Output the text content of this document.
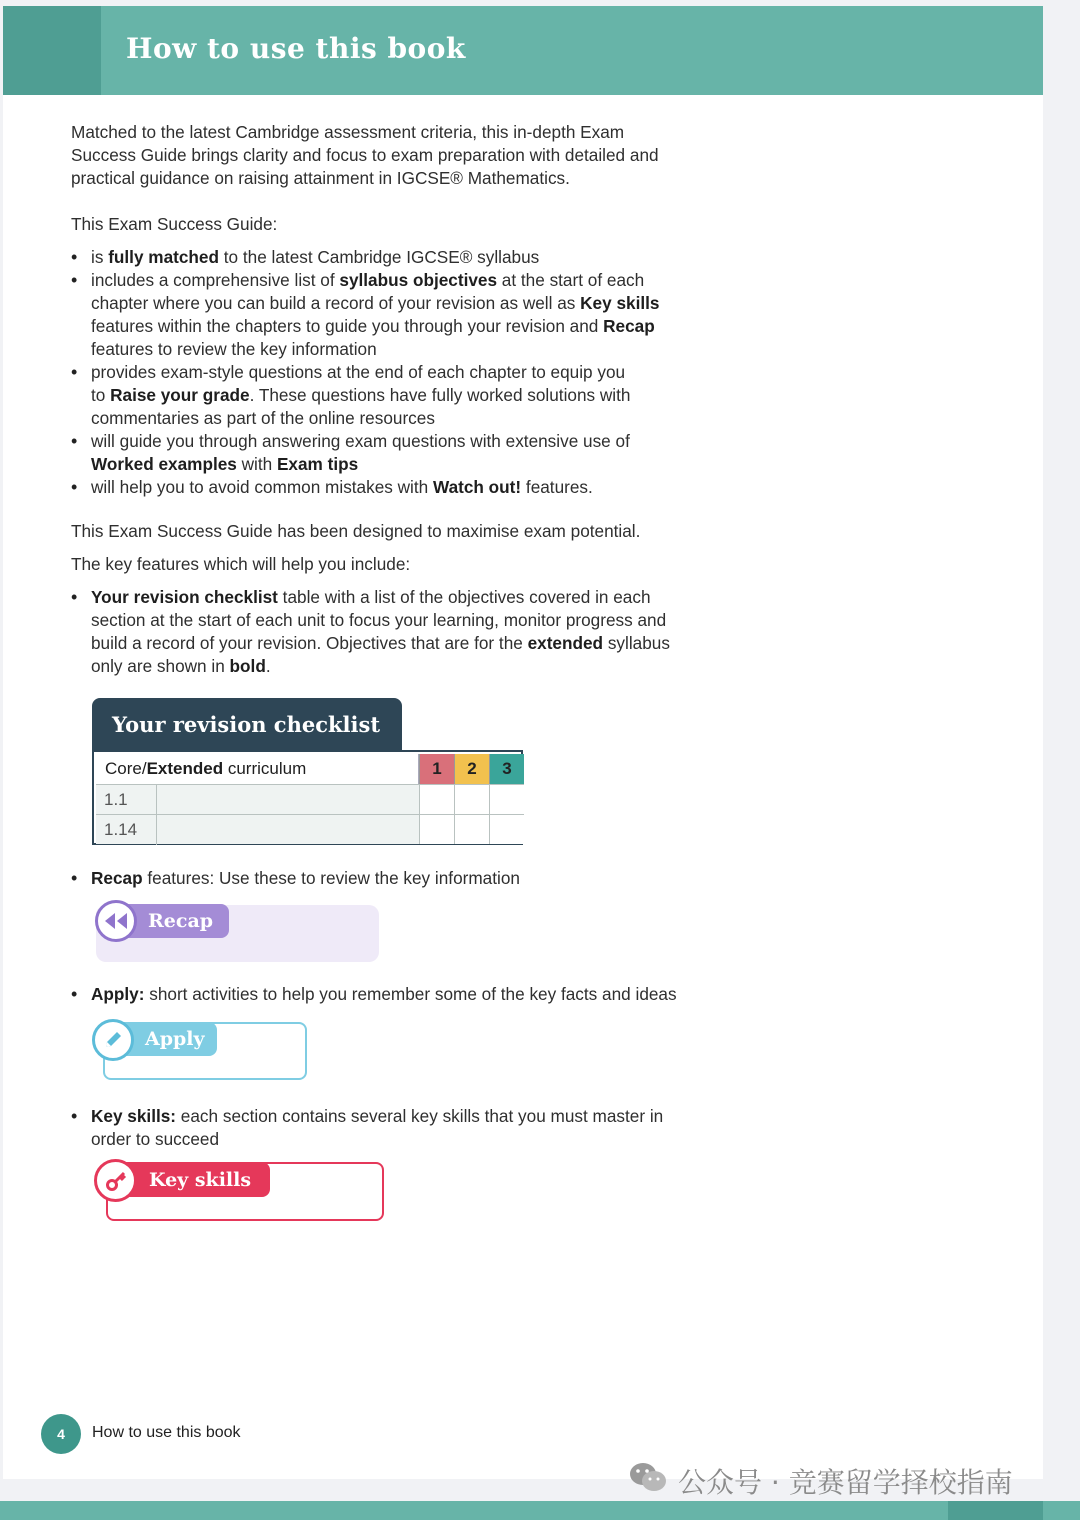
How to use this book
Matched to the latest Cambridge assessment criteria, this in-depth Exam
Success Guide brings clarity and focus to exam preparation with detailed and
practical guidance on raising attainment in IGCSE® Mathematics.
This Exam Success Guide:
• is fully matched to the latest Cambridge IGCSE® syllabus
• includes a comprehensive list of syllabus objectives at the start of each
chapter where you can build a record of your revision as well as Key skills
features within the chapters to guide you through your revision and Recap
features to review the key information
• provides exam-style questions at the end of each chapter to equip you
to Raise your grade. These questions have fully worked solutions with
commentaries as part of the online resources
• will guide you through answering exam questions with extensive use of
Worked examples with Exam tips
• will help you to avoid common mistakes with Watch out! features.
This Exam Success Guide has been designed to maximise exam potential.
The key features which will help you include:
• Your revision checklist table with a list of the objectives covered in each
section at the start of each unit to focus your learning, monitor progress and
build a record of your revision. Objectives that are for the extended syllabus
only are shown in bold.
Your revision checklist
Core/Extended curriculum	1	2	3
1.1
1.14
• Recap features: Use these to review the key information
Recap
• Apply: short activities to help you remember some of the key facts and ideas
Apply
• Key skills: each section contains several key skills that you must master in
order to succeed
Key skills
4	How to use this book
公众号 · 竞赛留学择校指南
